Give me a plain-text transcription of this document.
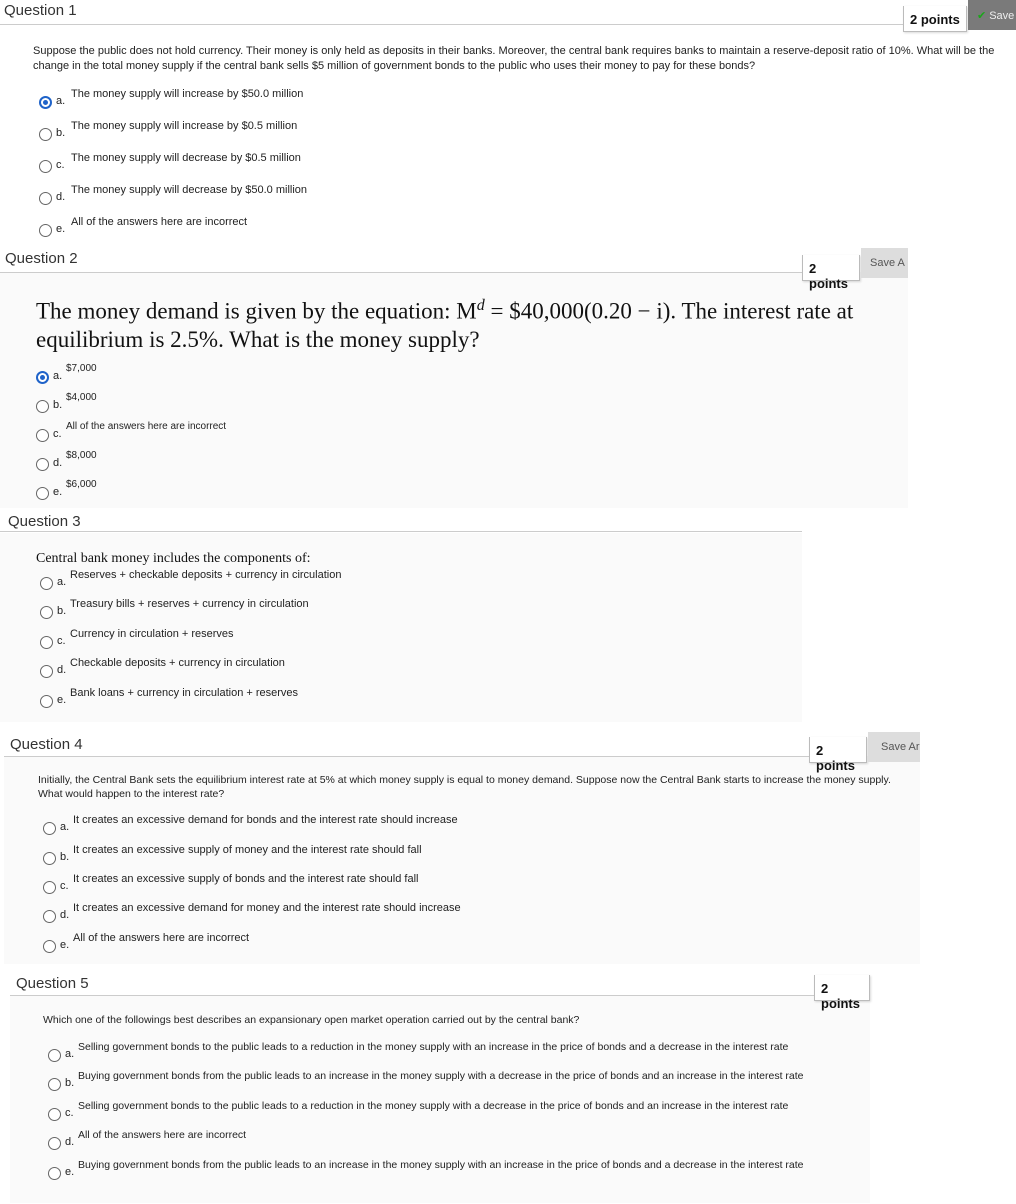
Question 1
2 points	✔ Save
Suppose the public does not hold currency. Their money is only held as deposits in their banks. Moreover, the central bank requires banks to maintain a reserve-deposit ratio of 10%. What will be the change in the total money supply if the central bank sells $5 million of government bonds to the public who uses their money to pay for these bonds?
a.
The money supply will increase by $50.0 million
b.
The money supply will increase by $0.5 million
c.
The money supply will decrease by $0.5 million
d.
The money supply will decrease by $50.0 million
e.
All of the answers here are incorrect
Question 2
2 points
Save A
The money demand is given by the equation: $M^d$ = $40,000(0.20 − i). The interest rate at
equilibrium is 2.5%. What is the money supply?
a.
$7,000
b.
$4,000
c.
All of the answers here are incorrect
d.
$8,000
e.
$6,000
Question 3
Central bank money includes the components of:
a.
Reserves + checkable deposits + currency in circulation
b.
Treasury bills + reserves + currency in circulation
c.
Currency in circulation + reserves
d.
Checkable deposits + currency in circulation
e.
Bank loans + currency in circulation + reserves
Question 4	2 points
Save Ar
Initially, the Central Bank sets the equilibrium interest rate at 5% at which money supply is equal to money demand. Suppose now the Central Bank starts to increase the money supply. What would happen to the interest rate?
a.
It creates an excessive demand for bonds and the interest rate should increase
b.
It creates an excessive supply of money and the interest rate should fall
c.
It creates an excessive supply of bonds and the interest rate should fall
d.
It creates an excessive demand for money and the interest rate should increase
e.
All of the answers here are incorrect
Question 5	2 points
Which one of the followings best describes an expansionary open market operation carried out by the central bank?
a.
Selling government bonds to the public leads to a reduction in the money supply with an increase in the price of bonds and a decrease in the interest rate
b.
Buying government bonds from the public leads to an increase in the money supply with a decrease in the price of bonds and an increase in the interest rate
c.
Selling government bonds to the public leads to a reduction in the money supply with a decrease in the price of bonds and an increase in the interest rate
d.
All of the answers here are incorrect
e.
Buying government bonds from the public leads to an increase in the money supply with an increase in the price of bonds and a decrease in the interest rate
